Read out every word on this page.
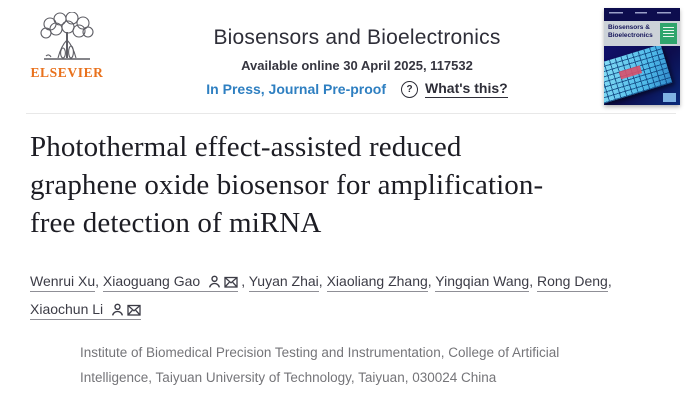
ELSEVIER
Biosensors and Bioelectronics
Available online 30 April 2025, 117532
In Press, Journal Pre-proof	? What's this?
Biosensors &
Bioelectronics
Photothermal effect-assisted reduced
graphene oxide biosensor for amplification-
free detection of miRNA

Wenrui Xu, Xiaoguang Gao	, Yuyan Zhai, Xiaoliang Zhang, Yingqian Wang, Rong Deng, Xiaochun Li

Institute of Biomedical Precision Testing and Instrumentation, College of Artificial
Intelligence, Taiyuan University of Technology, Taiyuan, 030024 China
